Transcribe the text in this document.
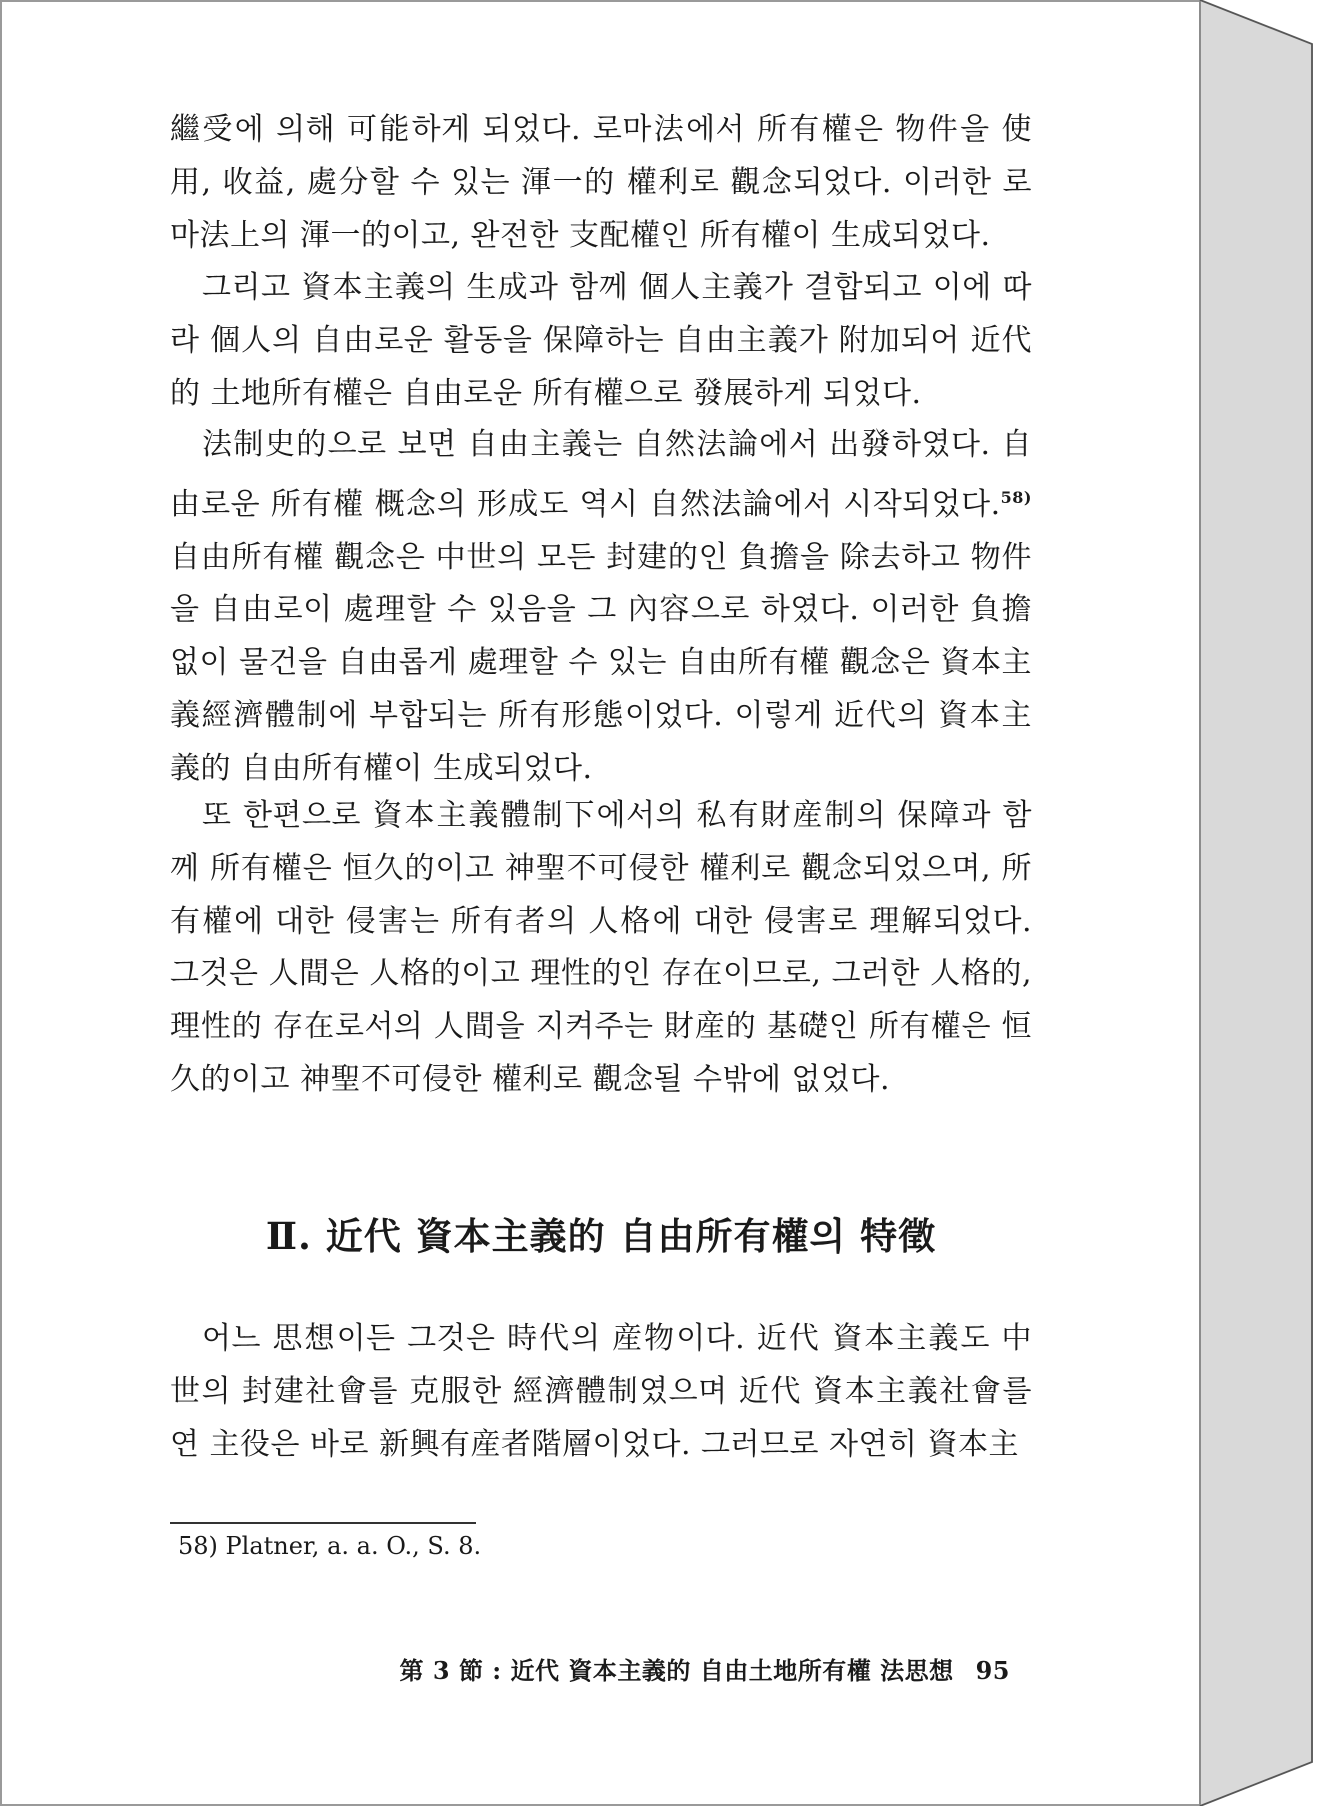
繼受에 의해 可能하게 되었다. 로마法에서 所有權은 物件을 使用, 收益, 處分할 수 있는 渾一的 權利로 觀念되었다. 이러한 로마法上의 渾一的이고, 완전한 支配權인 所有權이 生成되었다.

그리고 資本主義의 生成과 함께 個人主義가 결합되고 이에 따라 個人의 自由로운 활동을 保障하는 自由主義가 附加되어 近代的 土地所有權은 自由로운 所有權으로 發展하게 되었다.

法制史的으로 보면 自由主義는 自然法論에서 出發하였다. 自由로운 所有權 概念의 形成도 역시 自然法論에서 시작되었다.$^{58)}$ 自由所有權 觀念은 中世의 모든 封建的인 負擔을 除去하고 物件을 自由로이 處理할 수 있음을 그 內容으로 하였다. 이러한 負擔 없이 물건을 自由롭게 處理할 수 있는 自由所有權 觀念은 資本主義經濟體制에 부합되는 所有形態이었다. 이렇게 近代의 資本主義的 自由所有權이 生成되었다.

또 한편으로 資本主義體制下에서의 私有財産制의 保障과 함께 所有權은 恒久的이고 神聖不可侵한 權利로 觀念되었으며, 所有權에 대한 侵害는 所有者의 人格에 대한 侵害로 理解되었다. 그것은 人間은 人格的이고 理性的인 存在이므로, 그러한 人格的, 理性的 存在로서의 人間을 지켜주는 財産的 基礎인 所有權은 恒久的이고 神聖不可侵한 權利로 觀念될 수밖에 없었다.

Ⅱ. 近代 資本主義的 自由所有權의 特徵

어느 思想이든 그것은 時代의 産物이다. 近代 資本主義도 中世의 封建社會를 克服한 經濟體制였으며 近代 資本主義社會를 연 主役은 바로 新興有産者階層이었다. 그러므로 자연히 資本主

58) Platner, a. a. O., S. 8.
第 3 節 : 近代 資本主義的 自由土地所有權 法思想 95
